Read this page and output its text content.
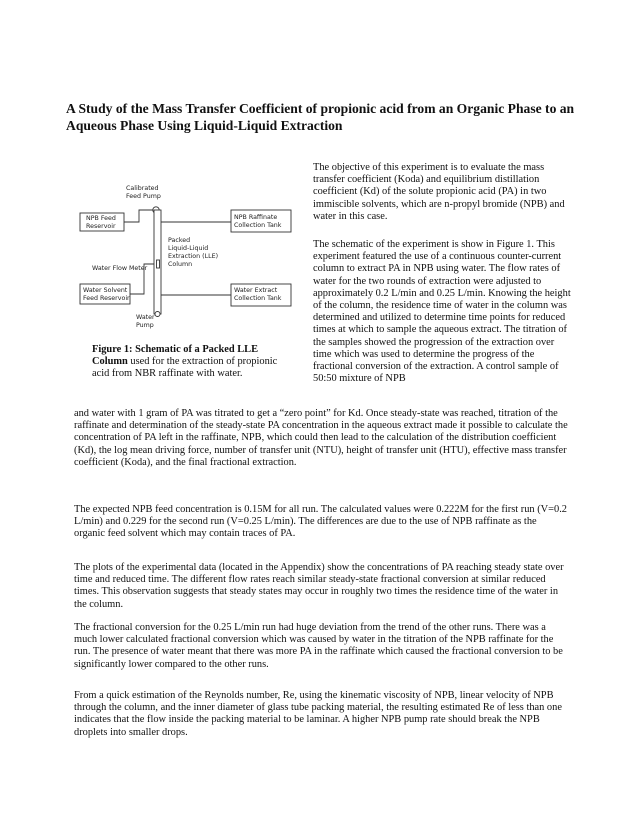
A Study of the Mass Transfer Coefficient of propionic acid from an Organic Phase to an Aqueous Phase Using Liquid-Liquid Extraction

The objective of this experiment is to evaluate the mass transfer coefficient (Koda) and equilibrium distillation coefficient (Kd) of the solute propionic acid (PA) in two immiscible solvents, which are n-propyl bromide (NPB) and water in this case.

The schematic of the experiment is show in Figure 1. This experiment featured the use of a continuous counter-current column to extract PA in NPB using water. The flow rates of water for the two rounds of extraction were adjusted to approximately 0.2 L/min and 0.25 L/min. Knowing the height of the column, the residence time of water in the column was determined and utilized to determine time points for reduced times at which to sample the aqueous extract. The titration of the samples showed the progression of the extraction over time which was used to determine the progress of the fractional conversion of the extraction. A control sample of 50:50 mixture of NPB
Calibrated
Feed Pump
NPB Feed
Reservoir
NPB Raffinate
Collection Tank
Packed
Liquid-Liquid
Extraction (LLE)
Column
Water Flow Meter
Water Solvent
Feed Reservoir
Water Extract
Collection Tank
Water
Pump
Figure 1: Schematic of a Packed LLE Column used for the extraction of propionic acid from NBR raffinate with water.

and water with 1 gram of PA was titrated to get a “zero point” for Kd. Once steady-state was reached, titration of the raffinate and determination of the steady-state PA concentration in the aqueous extract made it possible to calculate the concentration of PA left in the raffinate, NPB, which could then lead to the calculation of the distribution coefficient (Kd), the log mean driving force, number of transfer unit (NTU), height of transfer unit (HTU), effective mass transfer coefficient (Koda), and the final fractional extraction.

The expected NPB feed concentration is 0.15M for all run. The calculated values were 0.222M for the first run (V=0.2 L/min) and 0.229 for the second run (V=0.25 L/min). The differences are due to the use of NPB raffinate as the organic feed solvent which may contain traces of PA.

The plots of the experimental data (located in the Appendix) show the concentrations of PA reaching steady state over time and reduced time. The different flow rates reach similar steady-state fractional conversion at similar reduced times. This observation suggests that steady states may occur in roughly two times the residence time of the water in the column.

The fractional conversion for the 0.25 L/min run had huge deviation from the trend of the other runs. There was a much lower calculated fractional conversion which was caused by water in the titration of the NPB raffinate for the run. The presence of water meant that there was more PA in the raffinate which caused the fractional conversion to be significantly lower compared to the other runs.

From a quick estimation of the Reynolds number, Re, using the kinematic viscosity of NPB, linear velocity of NPB through the column, and the inner diameter of glass tube packing material, the resulting estimated Re of less than one indicates that the flow inside the packing material to be laminar. A higher NPB pump rate should break the NPB droplets into smaller drops.
